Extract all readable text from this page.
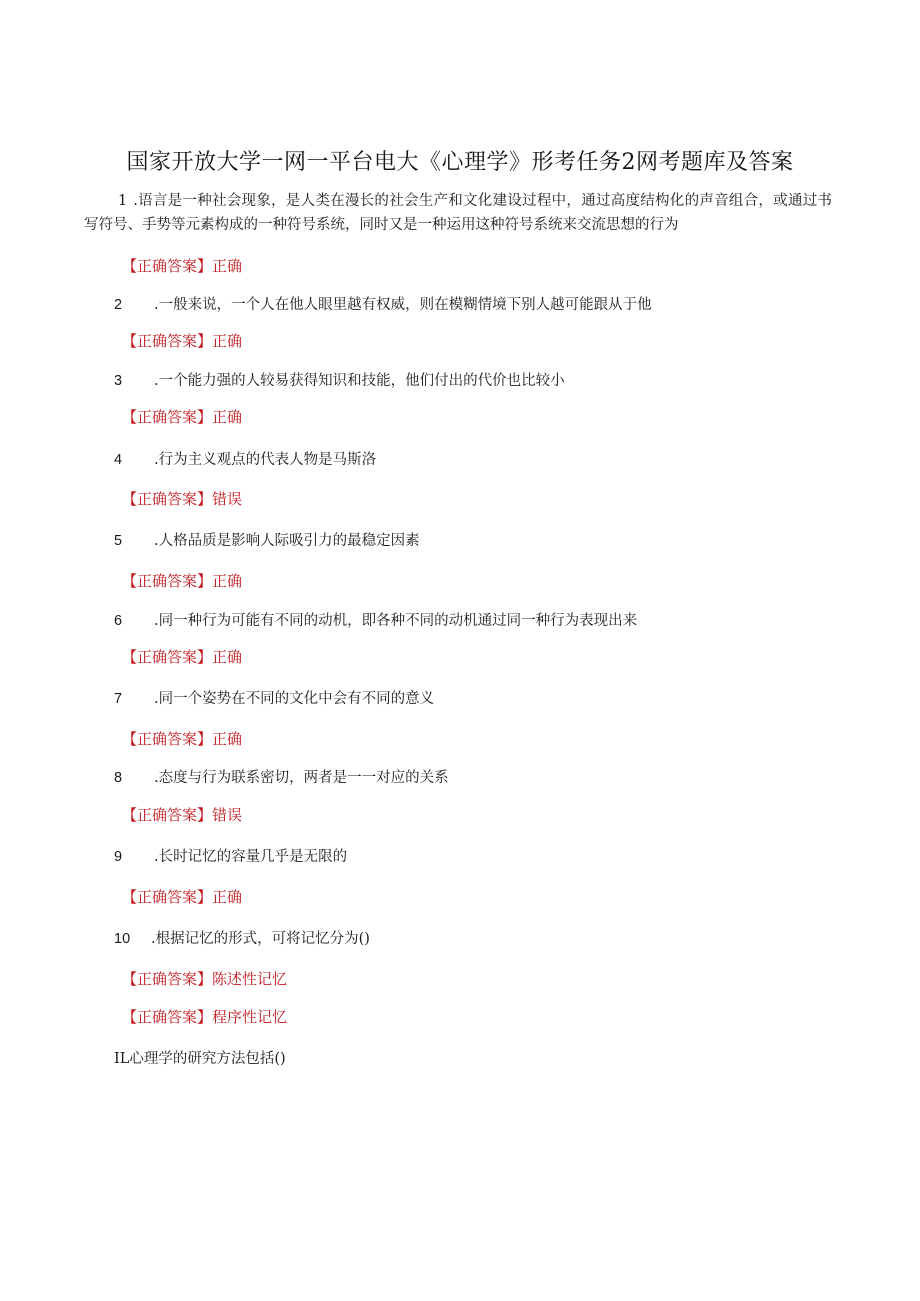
国家开放大学一网一平台电大《心理学》形考任务2网考题库及答案
1 .语言是一种社会现象，是人类在漫长的社会生产和文化建设过程中，通过高度结构化的声音组合，或通过书写符号、手势等元素构成的一种符号系统，同时又是一种运用这种符号系统来交流思想的行为
【正确答案】正确
2 .一般来说，一个人在他人眼里越有权威，则在模糊情境下别人越可能跟从于他
【正确答案】正确
3 .一个能力强的人较易获得知识和技能，他们付出的代价也比较小
【正确答案】正确
4 .行为主义观点的代表人物是马斯洛
【正确答案】错误
5 .人格品质是影响人际吸引力的最稳定因素
【正确答案】正确
6 .同一种行为可能有不同的动机，即各种不同的动机通过同一种行为表现出来
【正确答案】正确
7 .同一个姿势在不同的文化中会有不同的意义
【正确答案】正确
8 .态度与行为联系密切，两者是一一对应的关系
【正确答案】错误
9 .长时记忆的容量几乎是无限的
【正确答案】正确
10 .根据记忆的形式，可将记忆分为()
【正确答案】陈述性记忆
【正确答案】程序性记忆
IL心理学的研究方法包括()
